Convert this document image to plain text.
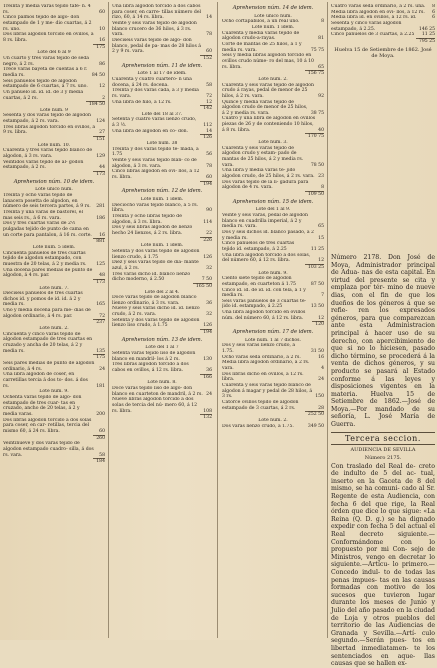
Treinta y media varas tejido tafe- n. 4 rs.	60
Cinco palmos tejido de algo- don estampado de 1 y me- dio cuartas, á 2 rs. uno.	10
Dos libras algodon torcido en ovillos, á 8 rs. libra.	16
175
Lote del 6 al 9
Un cuarto y tres varas tejido de seda negro, á 2 rs.	86
Trece varas bayeta de cuentas á 6 r. media rs.	84 50
Seis pañuelos tejido de algodon estampado de 6 cuartas, á 7 rs. uno.	12
Un pañuelo id. id. id. de 3 y media cuartas, á 2 rs.	2
184 50
Lote núm. 9
Sesenta y dos varas tejido de algodon estampado, á 2 rs. vara.	124
Tres libras algodon torcido en ovillos, á 9 rs. libra.	27
151
Lote núm. 10.
Cuarenta y tres varas tejido blanco de algodon, á 3 rs. vara.	129
Veintidos varas tejido de al- godon estampado, á 2 rs.	44
173
Aprehension núm. 10 de idem.
Lote único núm.
Treinta y ocho varas tejido de lanacera posetta de algodon, en número de seis tercera partes, á 9 rs.	281
Treinta y una varas de bastorel, el mas seis rs., á 6 rs. vara.	186
Dos y tres cuartas varas de 2½ pulgadas tejido de punto de cama en un corte para pantalon, á 16 rs. corte.	16
881
Lote núm. 5 ídem.
Cincuenta pañuelos de tres cuartas tejido de algodon estampado, con muestra de 20 telas, á 2 y media rs.	125
Una docena pares medias de punto de algodon, á 4 rs. par.	48
173
Lote núm. 7.
Dieciséis pañuelos de tres cuartas dichos id. y pomos de id. id. á 2 y media rs.	165
Uno y media docena para me- dias de algodon ordinario, á 4 rs. par.	72
237
Lote núm. 2.
Cincuenta y cinco varas tejido de algodon estampado de tres cuartas en cruzado y ancha de 20 telas, á 2 y media rs.	135
175
Seis pares medias de punto de algodon ordinario, á 4 rs.	24
Una libra algodon de coser, en carretillas tercia á dos to- dos. á dos rs.	181
Lote núm. 9.
Ochenta varas tejido de algo- don estampado de tres cuar- tas en cruzado, ancho de 20 telas, á 2 y media varas.	200
Dos libras algodon torcido á dos solas para coser, en car- retillas, tercia del mismo 60, á 24 rs. libra.	60
260
Veintinueve y dos varas tejido de algodon estampado cuadro- silla, á dos rs. vara.	58
184
Una libra algodon torcido á dos cabos para coser, en carre- tillas número del rizo, 60, á 14 rs. libra.	14
Veinte y seis varas tejido de algodon blanco crucero de 36 hilos, á 3 rs. vara.	78
Dieciseis varas tejido de algo- don blanco, pedal de pa- mas de 28 hilos á 2 y 9 rs. vara.	60
152
Aprehension núm. 11 de idem.
Lote 1 al 17 de idem.
Cuarenta y cuatro cuarteró- n una docena, á 24 rs. docena.	58
Treinta y dos varas cada, á 3 y media rs. vara.	72
Una libra de hilo, á 12 rs.	12
142
Lote del 18 al 37.
Setenta y cuatro varas lienzo crudo, á 3 ½.	112
Una libra de algodon en co- dón.	14
126
Lote núm. 38
Treinta y dos varas tejido te- mada, á 1.75	56
Veinte y seis varas tejido blan- co de algodon, á 3 rs. vara.	78
Cinco libras algodon en ovi- llos, á 12 rs. libra.	60
194
Aprehension núm. 12 de idem.
Lote núm. 1 ídem.
Dieciocho varas tejido blanco, á 5 rs. libra.	90
Treinta y ocho libras tejido de algodon, á 3 rs. libra.	114
Dos y seis libras algodon de lienzo hecho 24 lienzos, á 2 rs. libra.	22
226
Lote núm. 1 ídem.
Setenta y dos varas tejido de algodon lienzo crudo, á 1.75	126
Diez y seis varas tejido de dia- mante azul, á 2 rs.	32
Tres varas dicho id. blanco lienzo dicho moderno, á 2.50	7 50
165 50
Lote del 2 al 4.
Doce varas tejido de algodon blanco lienzo ordinario, á 3 rs. vara.	36
Nueve y seis varas dicho id. id. lienzo crudo, á 2 rs. vara.	32
Setenta y dos varas tejido de algodon lienzo liso crudo, á 1.75	126
194
Aprehension núm. 13 de idem.
Lote del 1 al 7
Setenta varas tejido liso de algodon blanco en mandril- los á 2 rs.	130
Tres libras algodon torcido á dos cabos en ovillos, á 12 rs. libra.	36
166
Lote núm. 8.
Doce varas tejido liso de algo- don blanco en cuarteton de mandril, á 2 rs. 24
Nueve libras algodon torcido á dos solas de tercia del nú- mero 60, á 12 rs. libra.	108
132
Aprehension núm. 14 de idem.
Lote único núm.
Ocho cortapabilos, á un real uno.	8
Lote núm. 1 ídem.
Cuarenta y media varas tejido de algodon crudo-a-rayas.	81
Corte de mantas de 25 hilos, á 1 y media rs. vara.	75 75
Seis y media libras algodon torcido en ovillos crudo núme- ro del mas, 10 á 10 rs. libra.	65
156 75
Lote núm. 2.
Cuarenta y seis varas tejido de algodon crudo á rayas, pedal de menor de 25 hilos, á 2 rs. vara.	92
Quince y media varas tejido de algodon crudo de menor de 25 hilos, á 2 y media rs. vara.	38 75
Cuatro y una libra de algodon en ovillos piezas de 26 y de conteniendo 10 hilos, á 8 rs. libra.	40
170 75
Lote núm. 3.
Cuarenta y seis varas tejido de algodon crudo y estam- pado de mantas de 25 hilos, á 2 y media rs. vara.	78 50
Una libra y media varas te- jido algodon crudo, de 25 hilos, á 2 rs. vara. 23
Dos varas tejido de la li- gadura para algodon de 4 rs. vara.	8
109 50
Aprehension núm. 15 de idem.
Lote del 1 al 9.
Veinte y seis varas, pedal de algodon blanco en cuadrilla imperial, á 2 y media rs. vara.	65
Dos y seis dichos id. blanco pasado, á 2 y media rs.	15
Cinco pañuelos de tres cuartas tejido id. estampado, á 2.25	11 25
Una libra algodon torcido á dos solas, del número 60, á 12 rs. libra.	12
103 25
Lote núm. 9.
Ciento siete tejido de algodon estampado, en cuarteton á 1.75	87 50
Cinco id. id. de id. id. con tela, á 1 y media rs.	7
Seis varas pañuelos de 3 cuartas te- jido id. estampado, á 2.25	13 50
Una libra algodon torcido en ovillos núm. del número 60, á 12 rs. libra.	12
120
Aprehension núm. 17 de idem.
Lote núm. 1 al 7 dichos.
Dos y seis varas lienzo crudo, á 1.75.	31 50
Ocho varas seda ordinario, á 2 rs.	16
Media libra algodon ordinario, á 2 rs. vara.	4
Dos libras dicho en ovillos, á 12 rs. libra.	24
Cuarenta y seis varas tejido blanco de algodon á magar y pedal de 28 hilos, á 3 rs.	150
Catorce ovillos tejido de algodon estampado de 3 cuartas, á 2 rs.	28
252 50
Lote núm. 2.
Dos varas lienzo crudo, á 1.75.	349 50
Cuatro varas seda ordinario, á 2 rs. una.	8
Media libra algodon en ovi- llos, á 12 rs.	6
Media libra id. en ovillos, á 12 rs. id.	6
Sesenta y cinco varas algodon estampado, á 2.25.	146 25
Cinco pañuelos de 3 cuartas, á 2.25	11 25
795 25
Huelva 15 de Setiembre de 1862. José de Moya.
Número 2178. Don José de Moya, Administrador principal de Adua- nas de esta capital. En virtud del presente se cita y emplaza por tér- mino de nueve dias, con el fin de que los dueños de los géneros á que se refie- ren los expresados géneros, para que comparezcan ante esta Administracion principal á hacer uso de su derecho, con apercibimiento de que si no lo hiciesen, pasado dicho término, se procederá á la venta de dichos géneros, y su producto se pasará al Estado conforme á las leyes y disposiciones vigentes en la materia. Huelva 15 de Setiembre de 1862.—José de Moya.—Por mandado de su señoría, L. José María de Guerra.
Tercera seccion.
AUDIENCIA DE SEVILLA
Número 2175.
Con traslado del Real de- creto de indulto de 5 del ac- tual, inserto en la Gaceta de 8 del mismo, se ha comuni- cado al Sr. Regente de esta Audiencia, con fecha 6 del que rige, la Real órden que dice lo que sigue: «La Reina (Q. D. g.) se ha dignado expedir con fecha 5 del actual el Real decreto siguiente.—Conformándome con lo propuesto por mi Con- sejo de Ministros, vengo en decretar lo siguiente.—Artícu- lo primero.—Concedo indul- to de todas las penas impues- tas en las causas formadas con motivo de los sucesos que tuvieron lugar durante los meses de Junio y Julio del año pasado en la ciudad de Loja y otros pueblos del territorio de las Audiencias de Granada y Sevilla.—Artí- culo segundo.—Serán pues- tos en libertad inmediatamen- te los sentenciados en aque- llas causas que se hallen ex-
